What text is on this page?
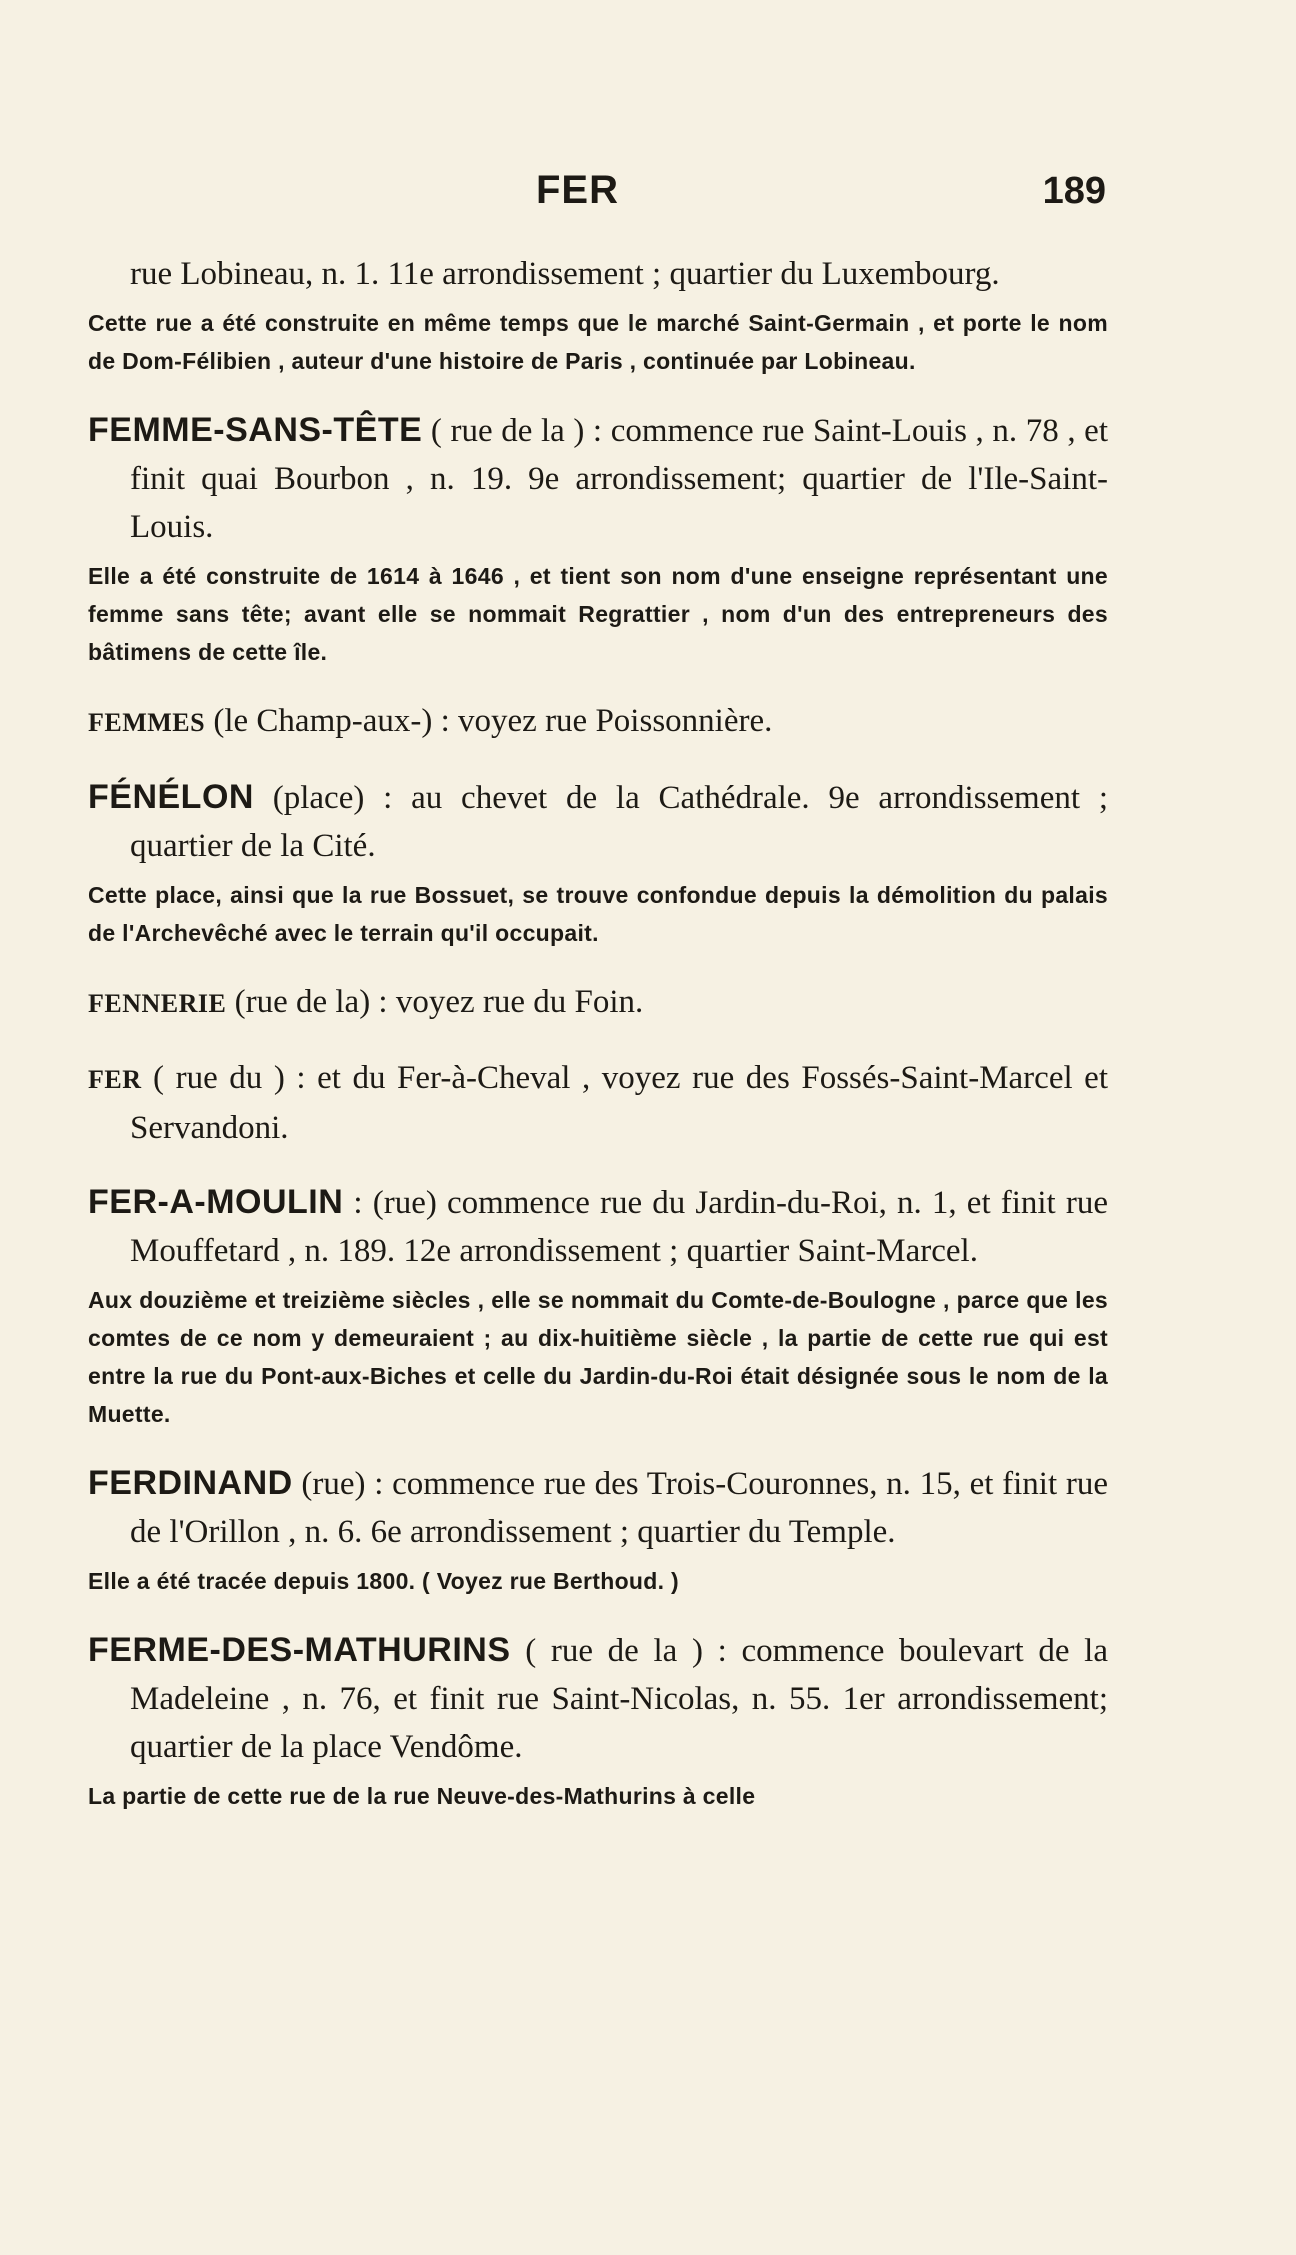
FER	189

rue Lobineau, n. 1. 11e arrondissement ; quartier du Luxembourg.

Cette rue a été construite en même temps que le marché Saint-Germain , et porte le nom de Dom-Félibien , auteur d'une histoire de Paris , continuée par Lobineau.

FEMME-SANS-TÊTE ( rue de la ) : commence rue Saint-Louis , n. 78 , et finit quai Bourbon , n. 19. 9e arrondissement; quartier de l'Ile-Saint-Louis.

Elle a été construite de 1614 à 1646 , et tient son nom d'une enseigne représentant une femme sans tête; avant elle se nommait Regrattier , nom d'un des entrepreneurs des bâtimens de cette île.

FEMMES (le Champ-aux-) : voyez rue Poissonnière.

FÉNÉLON (place) : au chevet de la Cathédrale. 9e arrondissement ; quartier de la Cité.

Cette place, ainsi que la rue Bossuet, se trouve confondue depuis la démolition du palais de l'Archevêché avec le terrain qu'il occupait.

FENNERIE (rue de la) : voyez rue du Foin.

FER ( rue du ) : et du Fer-à-Cheval , voyez rue des Fossés-Saint-Marcel et Servandoni.

FER-A-MOULIN : (rue) commence rue du Jardin-du-Roi, n. 1, et finit rue Mouffetard , n. 189. 12e arrondissement ; quartier Saint-Marcel.

Aux douzième et treizième siècles , elle se nommait du Comte-de-Boulogne , parce que les comtes de ce nom y demeuraient ; au dix-huitième siècle , la partie de cette rue qui est entre la rue du Pont-aux-Biches et celle du Jardin-du-Roi était désignée sous le nom de la Muette.

FERDINAND (rue) : commence rue des Trois-Couronnes, n. 15, et finit rue de l'Orillon , n. 6. 6e arrondissement ; quartier du Temple.

Elle a été tracée depuis 1800. ( Voyez rue Berthoud. )

FERME-DES-MATHURINS ( rue de la ) : commence boulevart de la Madeleine , n. 76, et finit rue Saint-Nicolas, n. 55. 1er arrondissement; quartier de la place Vendôme.

La partie de cette rue de la rue Neuve-des-Mathurins à celle
